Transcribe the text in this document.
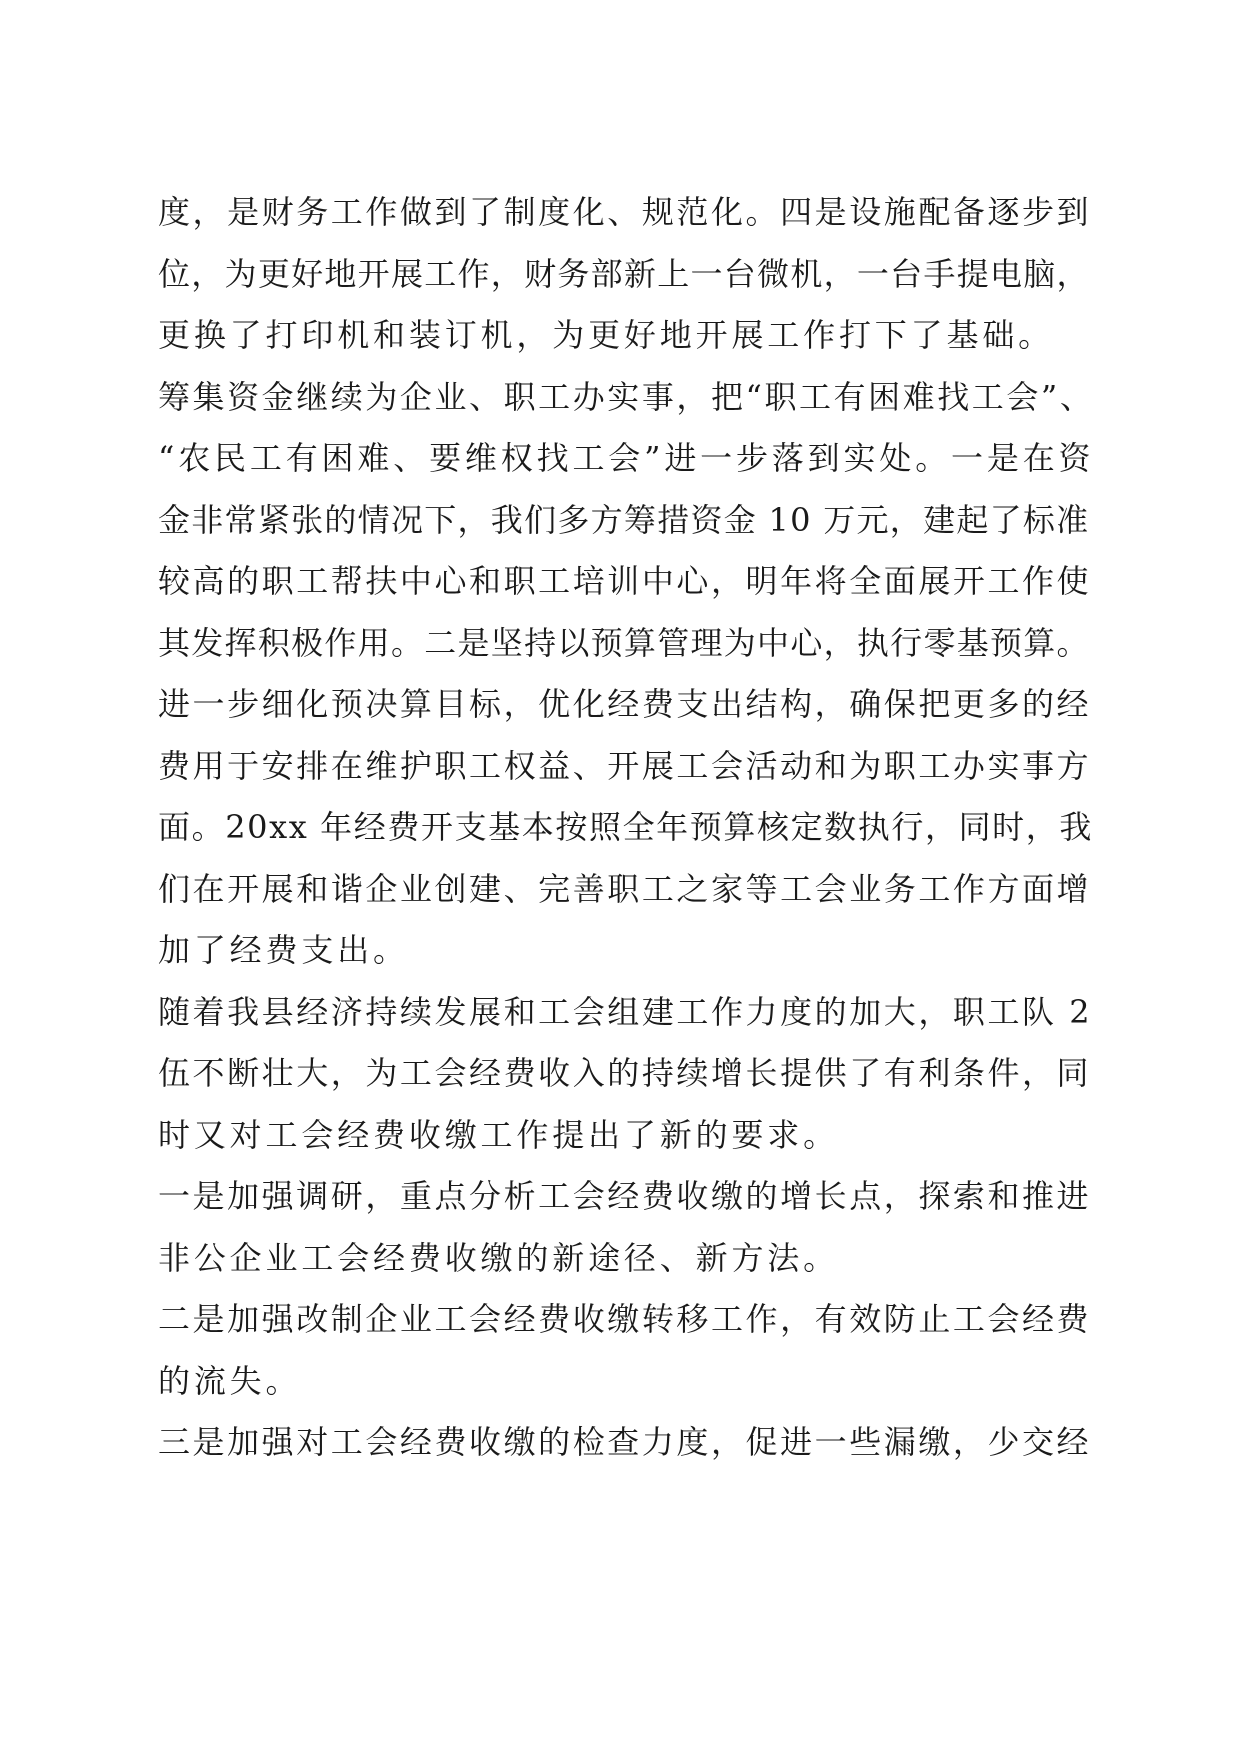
度，是财务工作做到了制度化、规范化。四是设施配备逐步到
位，为更好地开展工作，财务部新上一台微机，一台手提电脑，
更换了打印机和装订机，为更好地开展工作打下了基础。
筹集资金继续为企业、职工办实事，把“职工有困难找工会”、
“农民工有困难、要维权找工会”进一步落到实处。一是在资
金非常紧张的情况下，我们多方筹措资金 10 万元，建起了标准
较高的职工帮扶中心和职工培训中心，明年将全面展开工作使
其发挥积极作用。二是坚持以预算管理为中心，执行零基预算。
进一步细化预决算目标，优化经费支出结构，确保把更多的经
费用于安排在维护职工权益、开展工会活动和为职工办实事方
面。20xx 年经费开支基本按照全年预算核定数执行，同时，我
们在开展和谐企业创建、完善职工之家等工会业务工作方面增
加了经费支出。
随着我县经济持续发展和工会组建工作力度的加大，职工队 2
伍不断壮大，为工会经费收入的持续增长提供了有利条件，同
时又对工会经费收缴工作提出了新的要求。
一是加强调研，重点分析工会经费收缴的增长点，探索和推进
非公企业工会经费收缴的新途径、新方法。
二是加强改制企业工会经费收缴转移工作，有效防止工会经费
的流失。
三是加强对工会经费收缴的检查力度，促进一些漏缴，少交经
